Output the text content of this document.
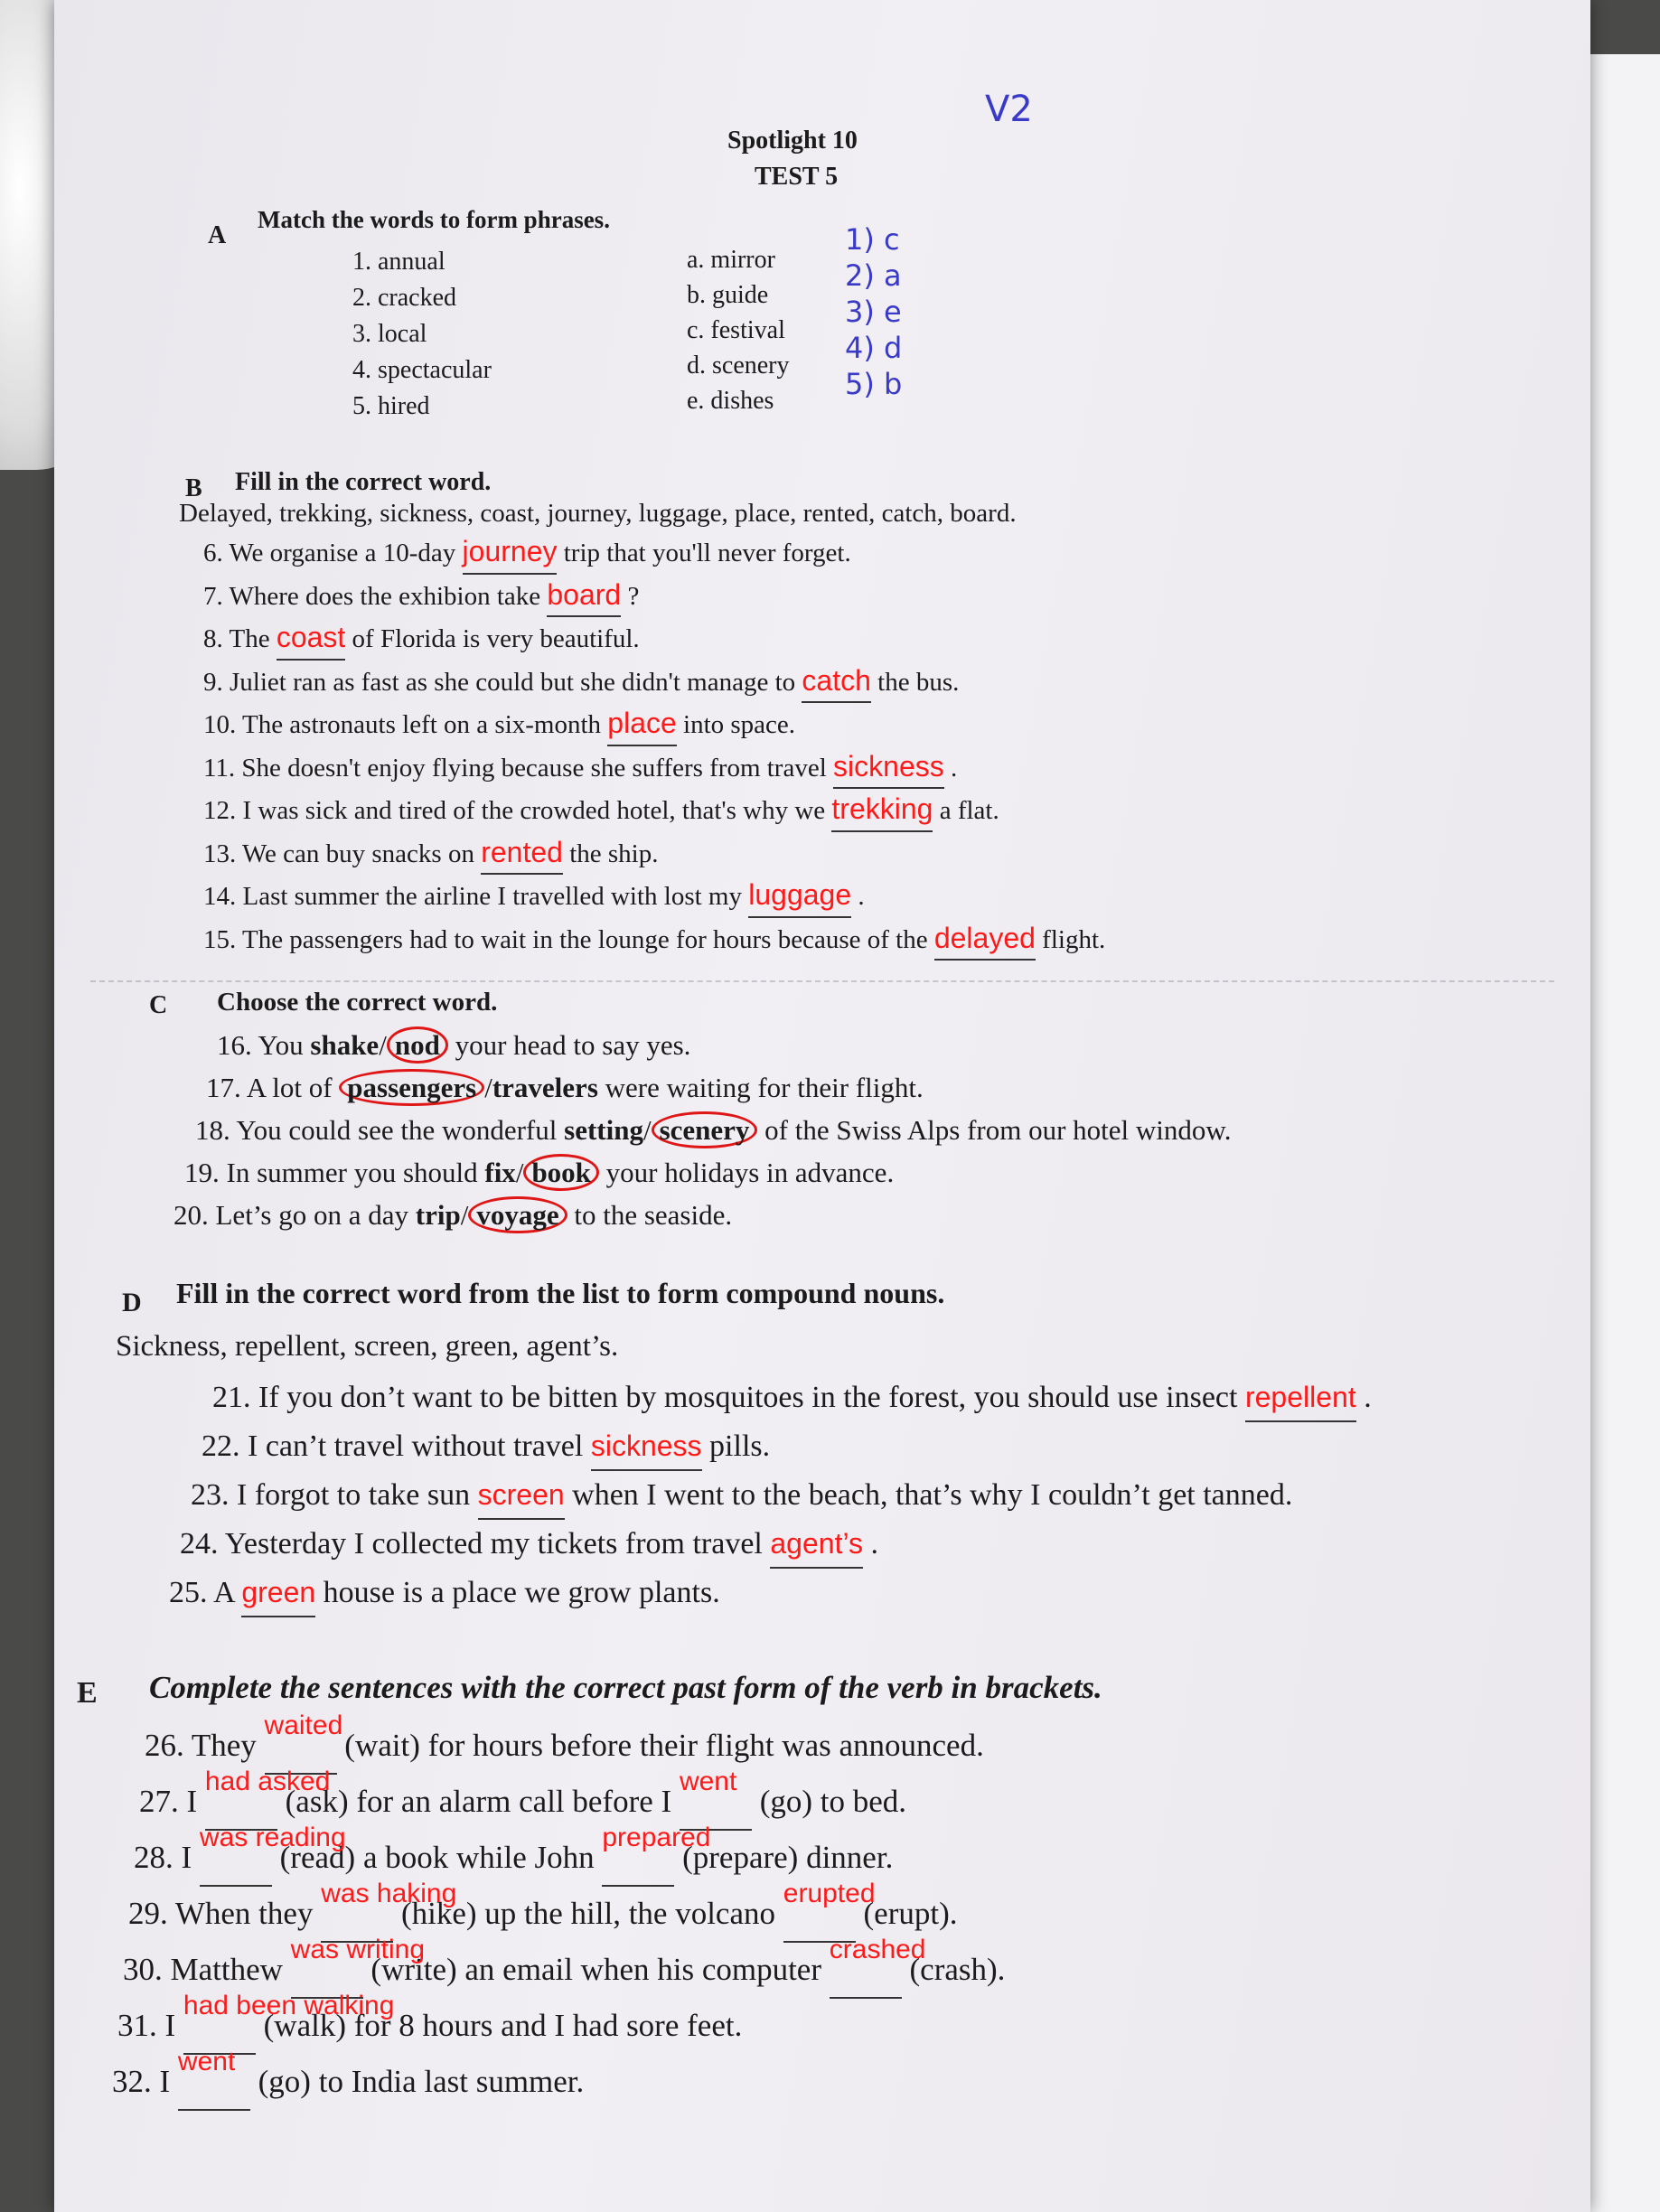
Spotlight 10
TEST 5
V2
A
Match the words to form phrases.
1. annual
2. cracked
3. local
4. spectacular
5. hired
a. mirror
b. guide
c. festival
d. scenery
e. dishes
1) c
2) a
3) e
4) d
5) b
B Fill in the correct word.
Delayed, trekking, sickness, coast, journey, luggage, place, rented, catch, board.
6. We organise a 10-day journey trip that you'll never forget.
7. Where does the exhibion take board ?
8. The coast of Florida is very beautiful.
9. Juliet ran as fast as she could but she didn't manage to catch the bus.
10. The astronauts left on a six-month place into space.
11. She doesn't enjoy flying because she suffers from travel sickness .
12. I was sick and tired of the crowded hotel, that's why we trekking a flat.
13. We can buy snacks on rented the ship.
14. Last summer the airline I travelled with lost my luggage .
15. The passengers had to wait in the lounge for hours because of the delayed flight.
C Choose the correct word.
16. You shake/ nod your head to say yes.
17. A lot of passengers /travelers were waiting for their flight.
18. You could see the wonderful setting/ scenery of the Swiss Alps from our hotel window.
19. In summer you should fix/ book your holidays in advance.
20. Let’s go on a day trip/ voyage to the seaside.
D Fill in the correct word from the list to form compound nouns.
Sickness, repellent, screen, green, agent’s.
21. If you don’t want to be bitten by mosquitoes in the forest, you should use insect repellent .
22. I can’t travel without travel sickness pills.
23. I forgot to take sun screen when I went to the beach, that’s why I couldn’t get tanned.
24. Yesterday I collected my tickets from travel agent’s .
25. A green house is a place we grow plants.
E Complete the sentences with the correct past form of the verb in brackets.
26. They
waited
(wait) for hours before their flight was announced.
27. I
had asked
(ask) for an alarm call before I
went
(go) to bed.
28. I
was reading
(read) a book while John
prepared
(prepare) dinner.
29. When they
was haking
(hike) up the hill, the volcano
erupted
(erupt).
30. Matthew
was writing
(write) an email when his computer
crashed
(crash).
31. I
had been walking
(walk) for 8 hours and I had sore feet.
32. I
went
(go) to India last summer.
